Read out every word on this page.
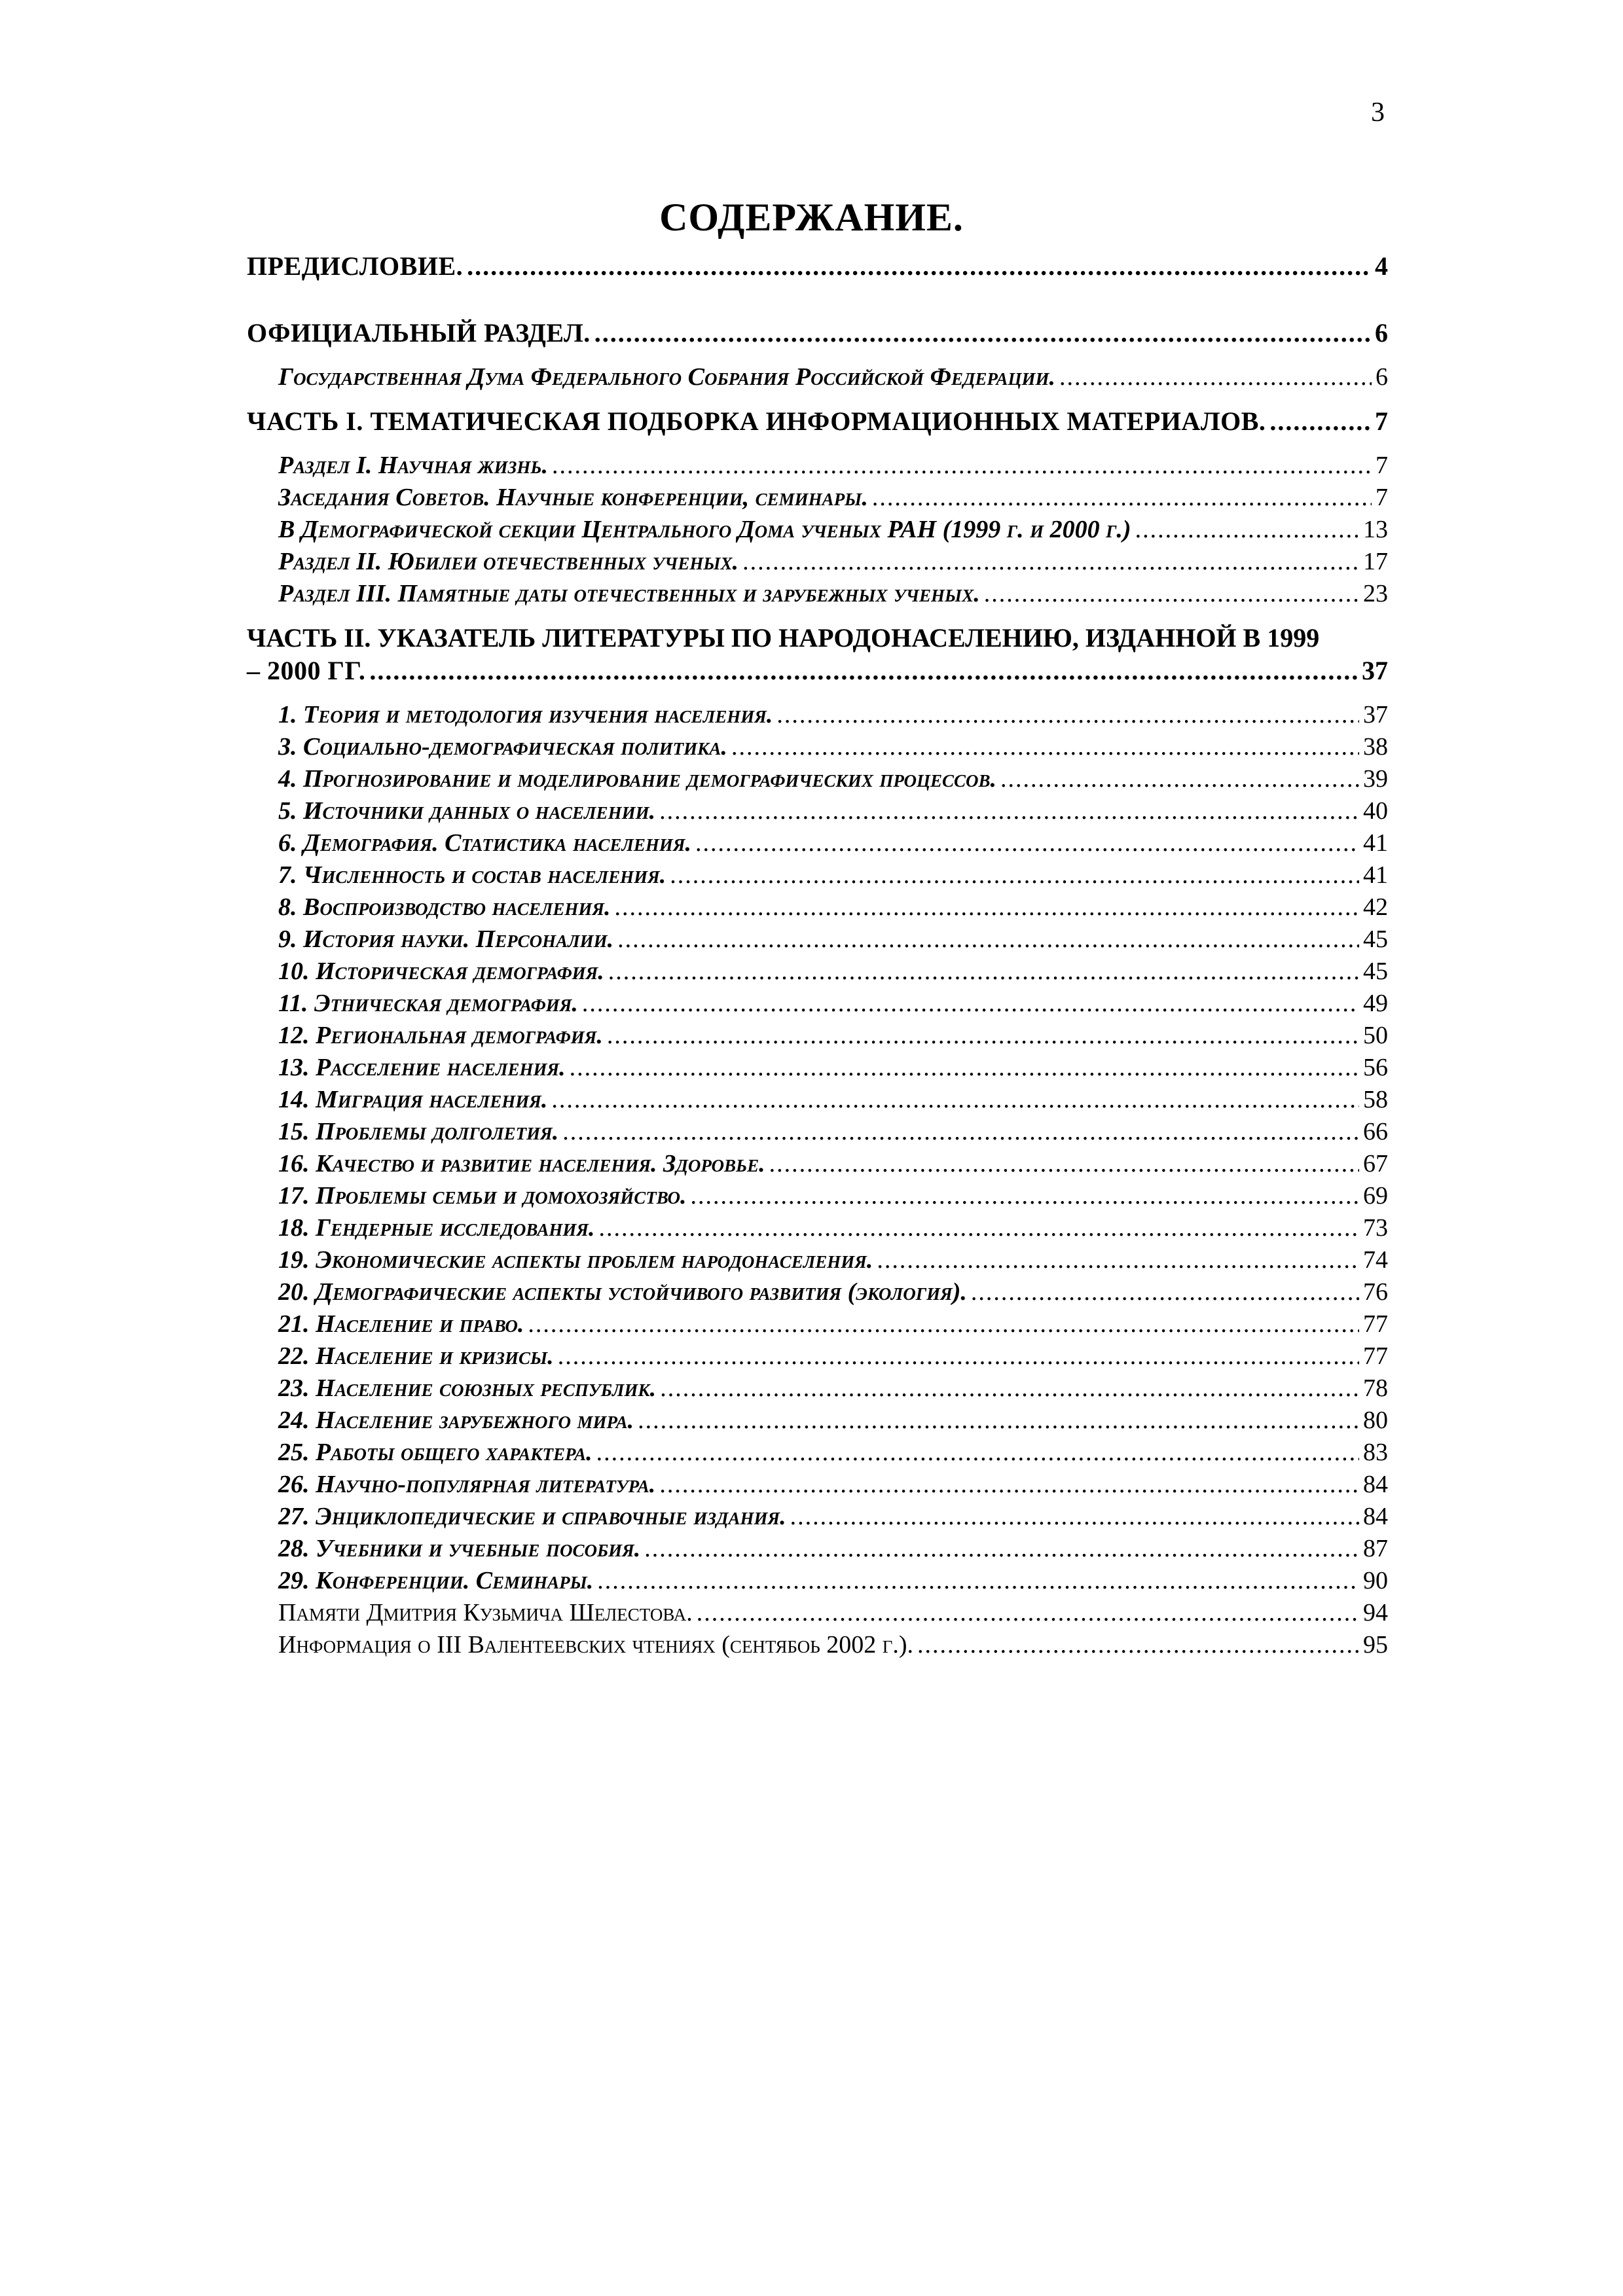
3
СОДЕРЖАНИЕ.
ПРЕДИСЛОВИЕ. .....	4
ОФИЦИАЛЬНЫЙ РАЗДЕЛ. .....	6
Государственная Дума Федерального Собрания Российской Федерации. .....	6
ЧАСТЬ I. ТЕМАТИЧЕСКАЯ ПОДБОРКА ИНФОРМАЦИОННЫХ МАТЕРИАЛОВ. .....	7
Раздел I. Научная жизнь. .....	7
Заседания Советов. Научные конференции, семинары. .....	7
В Демографической секции Центрального Дома ученых РАН (1999 г. и 2000 г.) .....	13
Раздел II. Юбилеи отечественных ученых. .....	17
Раздел III. Памятные даты отечественных и зарубежных ученых. .....	23
ЧАСТЬ II. УКАЗАТЕЛЬ ЛИТЕРАТУРЫ ПО НАРОДОНАСЕЛЕНИЮ, ИЗДАННОЙ В 1999
– 2000 ГГ. .....	37
1. Теория и методология изучения населения. .....	37
3. Социально-демографическая политика. .....	38
4. Прогнозирование и моделирование демографических процессов. .....	39
5. Источники данных о населении. .....	40
6. Демография. Статистика населения. .....	41
7. Численность и состав населения. .....	41
8. Воспроизводство населения. .....	42
9. История науки. Персоналии. .....	45
10. Историческая демография. .....	45
11. Этническая демография. .....	49
12. Региональная демография. .....	50
13. Расселение населения. .....	56
14. Миграция населения. .....	58
15. Проблемы долголетия. .....	66
16. Качество и развитие населения. Здоровье. .....	67
17. Проблемы семьи и домохозяйство. .....	69
18. Гендерные исследования. .....	73
19. Экономические аспекты проблем народонаселения. .....	74
20. Демографические аспекты устойчивого развития (экология). .....	76
21. Население и право. .....	77
22. Население и кризисы. .....	77
23. Население союзных республик. .....	78
24. Население зарубежного мира. .....	80
25. Работы общего характера. .....	83
26. Научно-популярная литература. .....	84
27. Энциклопедические и справочные издания. .....	84
28. Учебники и учебные пособия. .....	87
29. Конференции. Семинары. .....	90
Памяти Дмитрия Кузьмича Шелестова. .....	94
Информация о III Валентеевских чтениях (сентябоь 2002 г.). .....	95
